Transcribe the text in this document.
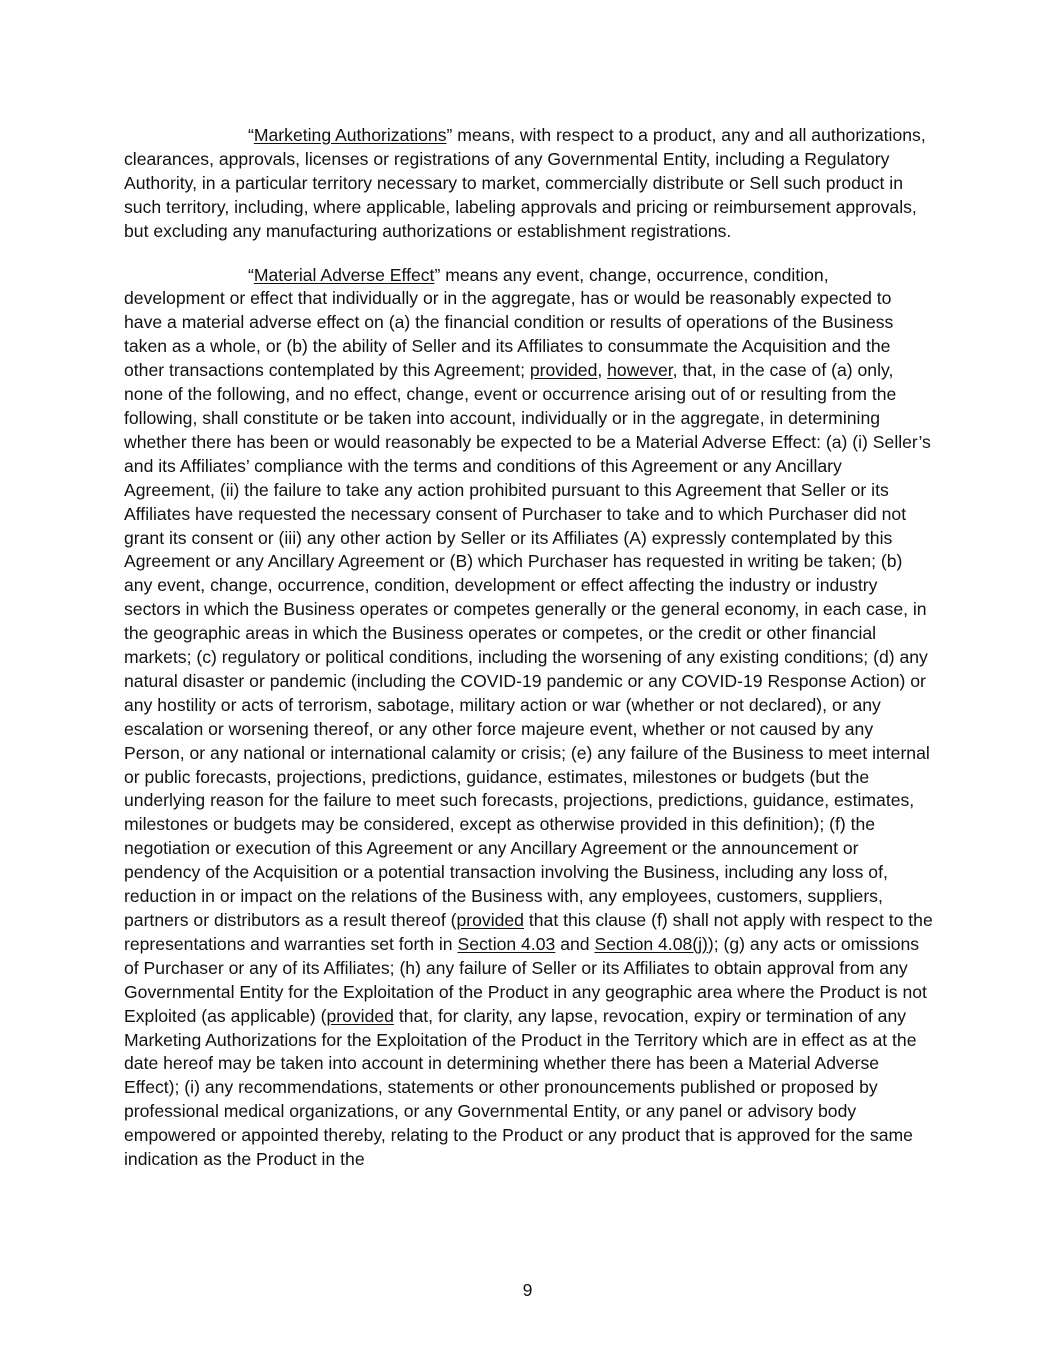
“Marketing Authorizations” means, with respect to a product, any and all authorizations, clearances, approvals, licenses or registrations of any Governmental Entity, including a Regulatory Authority, in a particular territory necessary to market, commercially distribute or Sell such product in such territory, including, where applicable, labeling approvals and pricing or reimbursement approvals, but excluding any manufacturing authorizations or establishment registrations.

“Material Adverse Effect” means any event, change, occurrence, condition, development or effect that individually or in the aggregate, has or would be reasonably expected to have a material adverse effect on (a) the financial condition or results of operations of the Business taken as a whole, or (b) the ability of Seller and its Affiliates to consummate the Acquisition and the other transactions contemplated by this Agreement; provided, however, that, in the case of (a) only, none of the following, and no effect, change, event or occurrence arising out of or resulting from the following, shall constitute or be taken into account, individually or in the aggregate, in determining whether there has been or would reasonably be expected to be a Material Adverse Effect: (a) (i) Seller’s and its Affiliates’ compliance with the terms and conditions of this Agreement or any Ancillary Agreement, (ii) the failure to take any action prohibited pursuant to this Agreement that Seller or its Affiliates have requested the necessary consent of Purchaser to take and to which Purchaser did not grant its consent or (iii) any other action by Seller or its Affiliates (A) expressly contemplated by this Agreement or any Ancillary Agreement or (B) which Purchaser has requested in writing be taken; (b) any event, change, occurrence, condition, development or effect affecting the industry or industry sectors in which the Business operates or competes generally or the general economy, in each case, in the geographic areas in which the Business operates or competes, or the credit or other financial markets; (c) regulatory or political conditions, including the worsening of any existing conditions; (d) any natural disaster or pandemic (including the COVID-19 pandemic or any COVID-19 Response Action) or any hostility or acts of terrorism, sabotage, military action or war (whether or not declared), or any escalation or worsening thereof, or any other force majeure event, whether or not caused by any Person, or any national or international calamity or crisis; (e) any failure of the Business to meet internal or public forecasts, projections, predictions, guidance, estimates, milestones or budgets (but the underlying reason for the failure to meet such forecasts, projections, predictions, guidance, estimates, milestones or budgets may be considered, except as otherwise provided in this definition); (f) the negotiation or execution of this Agreement or any Ancillary Agreement or the announcement or pendency of the Acquisition or a potential transaction involving the Business, including any loss of, reduction in or impact on the relations of the Business with, any employees, customers, suppliers, partners or distributors as a result thereof (provided that this clause (f) shall not apply with respect to the representations and warranties set forth in Section 4.03 and Section 4.08(j)); (g) any acts or omissions of Purchaser or any of its Affiliates; (h) any failure of Seller or its Affiliates to obtain approval from any Governmental Entity for the Exploitation of the Product in any geographic area where the Product is not Exploited (as applicable) (provided that, for clarity, any lapse, revocation, expiry or termination of any Marketing Authorizations for the Exploitation of the Product in the Territory which are in effect as at the date hereof may be taken into account in determining whether there has been a Material Adverse Effect); (i) any recommendations, statements or other pronouncements published or proposed by professional medical organizations, or any Governmental Entity, or any panel or advisory body empowered or appointed thereby, relating to the Product or any product that is approved for the same indication as the Product in the

9
